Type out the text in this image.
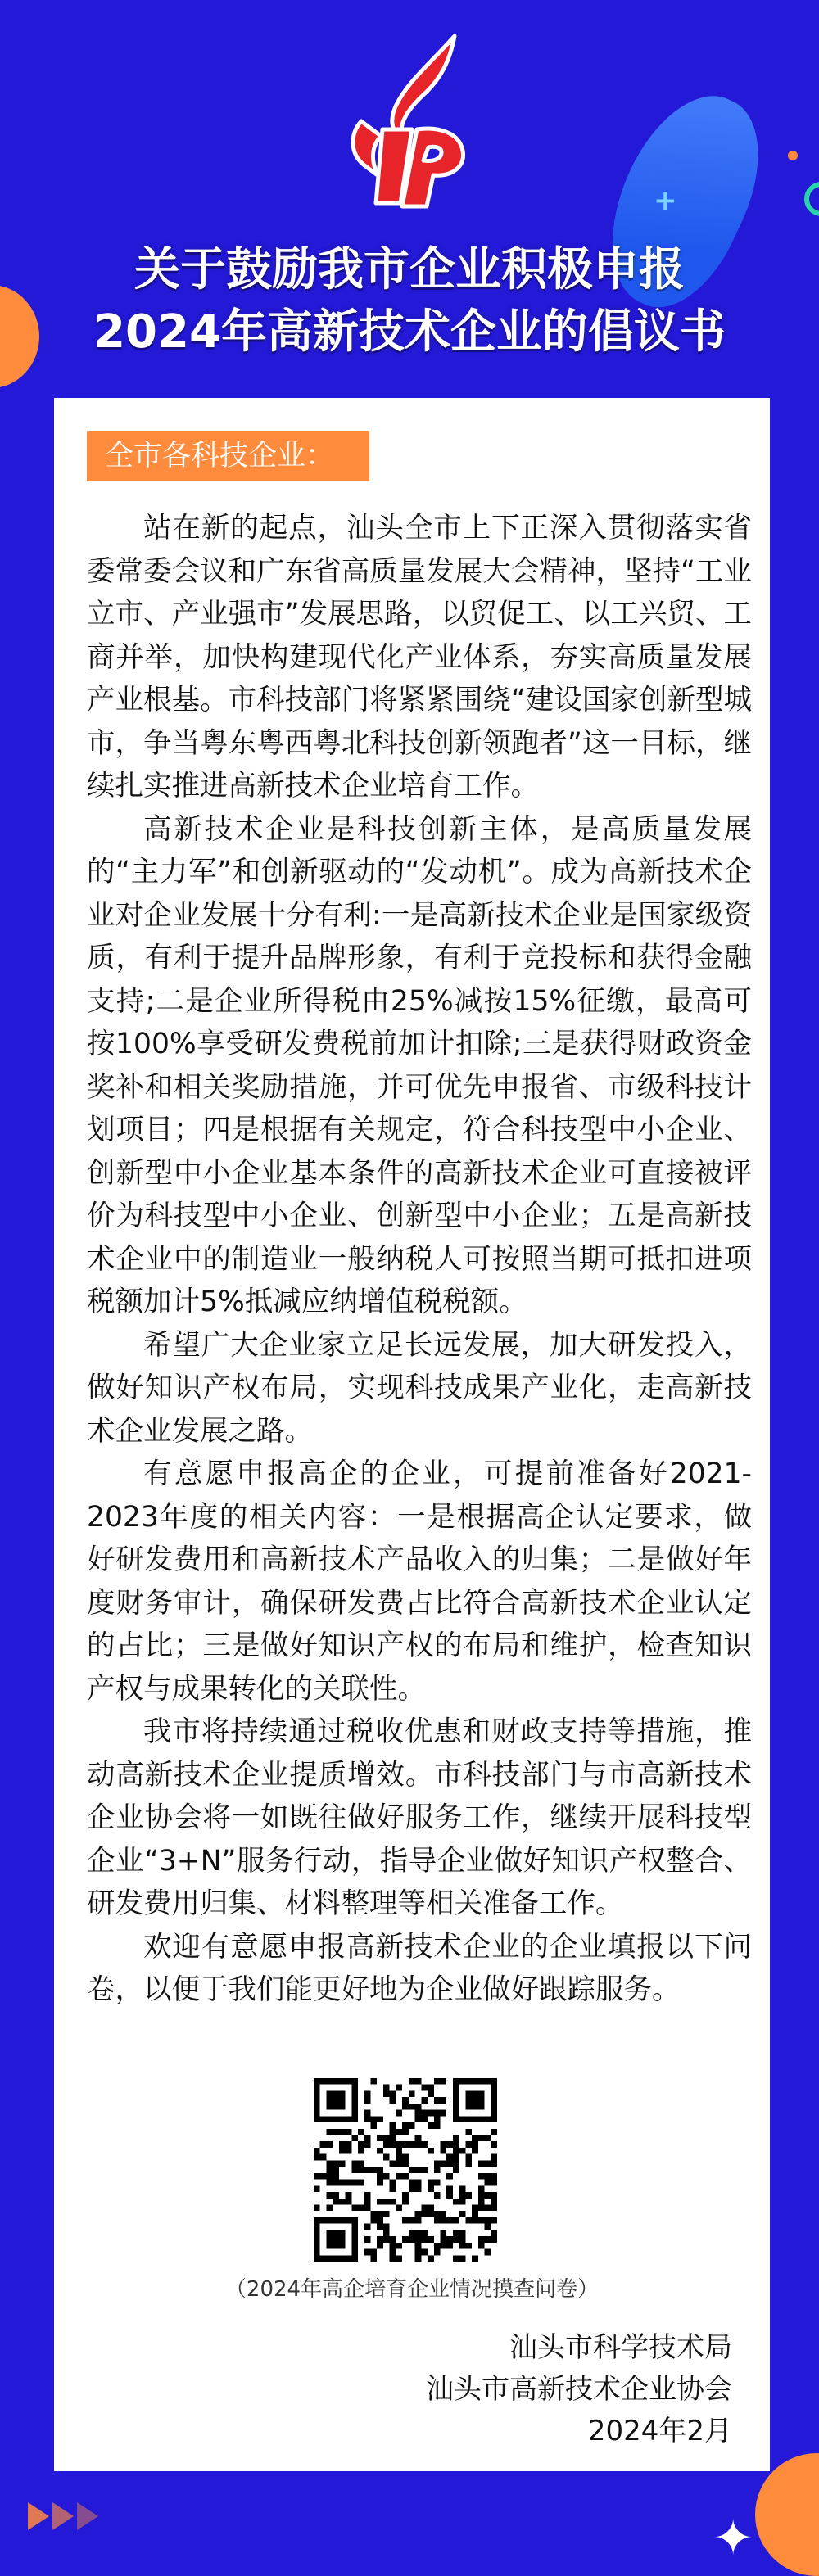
+
✦
关于鼓励我市企业积极申报
2024年高新技术企业的倡议书
全市各科技企业：

站在新的起点，汕头全市上下正深入贯彻落实省委常委会议和广东省高质量发展大会精神，坚持“工业立市、产业强市”发展思路，以贸促工、以工兴贸、工商并举，加快构建现代化产业体系，夯实高质量发展产业根基。市科技部门将紧紧围绕“建设国家创新型城市，争当粤东粤西粤北科技创新领跑者”这一目标，继续扎实推进高新技术企业培育工作。

高新技术企业是科技创新主体，是高质量发展的“主力军”和创新驱动的“发动机”。成为高新技术企业对企业发展十分有利:一是高新技术企业是国家级资质，有利于提升品牌形象，有利于竞投标和获得金融支持;二是企业所得税由25%减按15%征缴，最高可按100%享受研发费税前加计扣除;三是获得财政资金奖补和相关奖励措施，并可优先申报省、市级科技计划项目；四是根据有关规定，符合科技型中小企业、创新型中小企业基本条件的高新技术企业可直接被评价为科技型中小企业、创新型中小企业；五是高新技术企业中的制造业一般纳税人可按照当期可抵扣进项税额加计5%抵减应纳增值税税额。

希望广大企业家立足长远发展，加大研发投入，做好知识产权布局，实现科技成果产业化，走高新技术企业发展之路。

有意愿申报高企的企业，可提前准备好2021-2023年度的相关内容：一是根据高企认定要求，做好研发费用和高新技术产品收入的归集；二是做好年度财务审计，确保研发费占比符合高新技术企业认定的占比；三是做好知识产权的布局和维护，检查知识产权与成果转化的关联性。

我市将持续通过税收优惠和财政支持等措施，推动高新技术企业提质增效。市科技部门与市高新技术企业协会将一如既往做好服务工作，继续开展科技型企业“3+N”服务行动，指导企业做好知识产权整合、研发费用归集、材料整理等相关准备工作。

欢迎有意愿申报高新技术企业的企业填报以下问卷，以便于我们能更好地为企业做好跟踪服务。

（2024年高企培育企业情况摸查问卷）
汕头市科学技术局
汕头市高新技术企业协会
2024年2月
